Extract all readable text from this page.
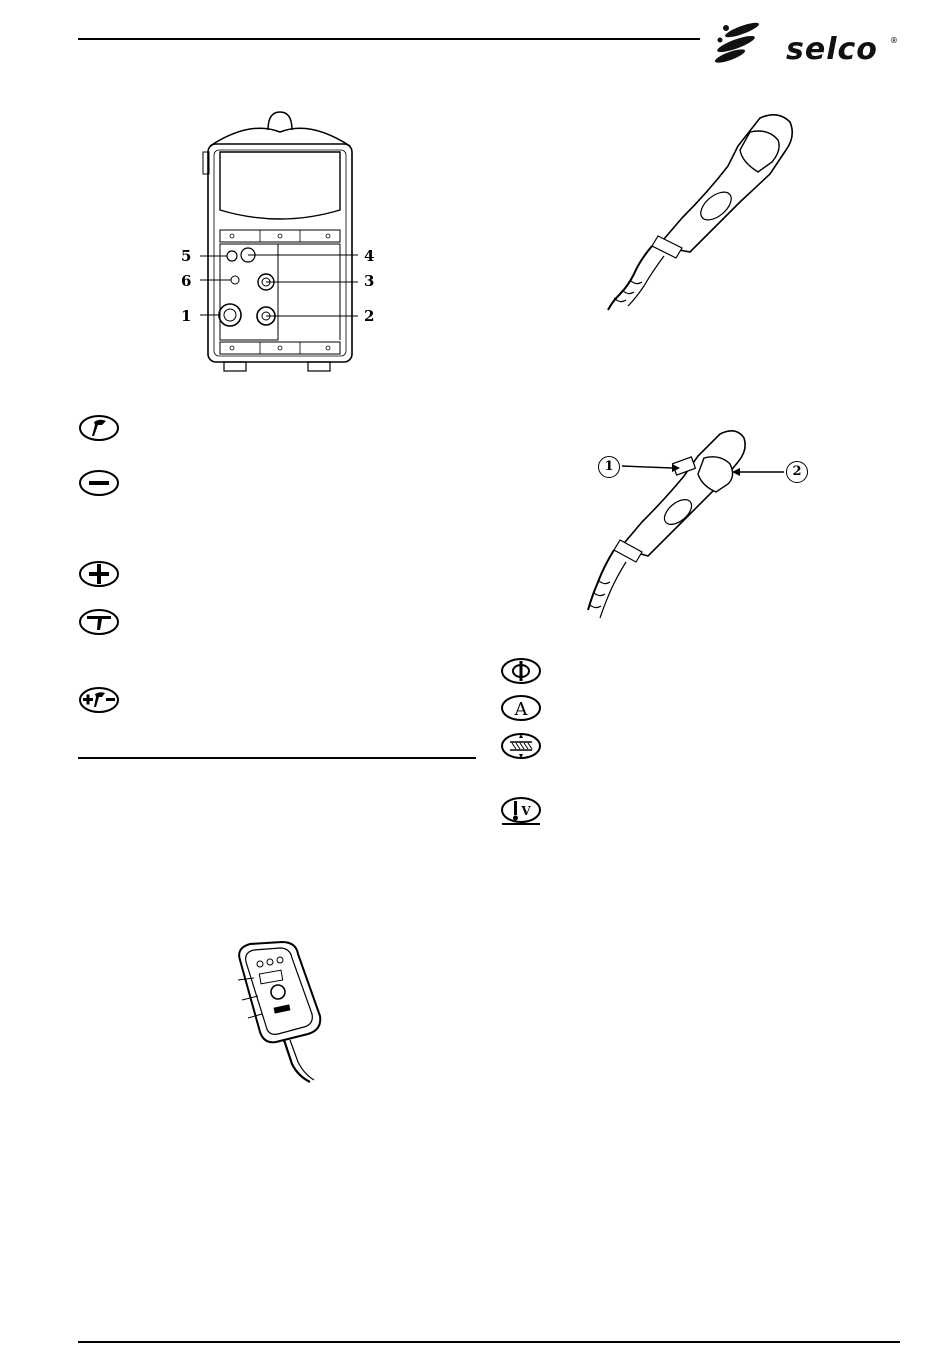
selco ®
5
6
1
4
3
2
1	2
A
V
